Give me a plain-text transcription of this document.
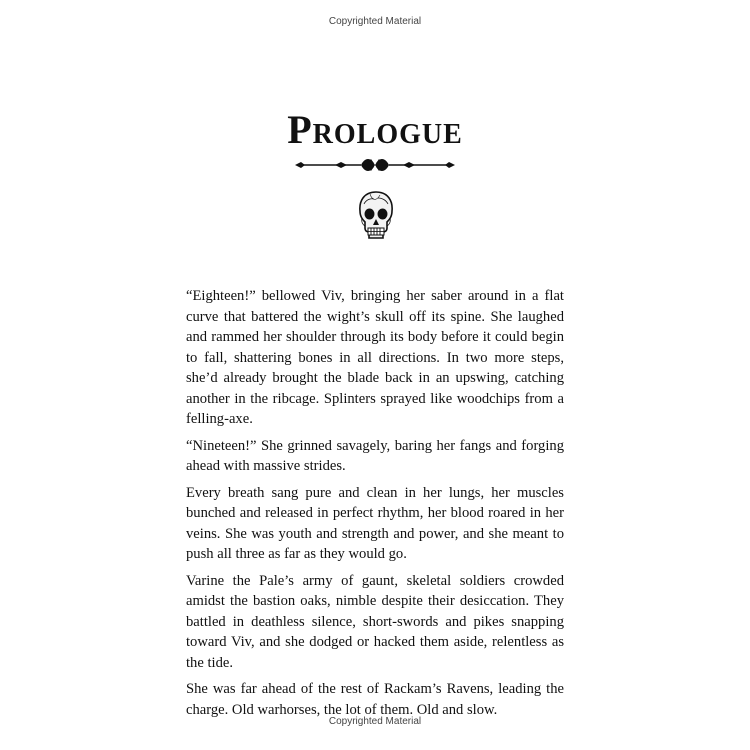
Copyrighted Material
Prologue

“Eighteen!” bellowed Viv, bringing her saber around in a flat curve that battered the wight’s skull off its spine. She laughed and rammed her shoulder through its body before it could begin to fall, shattering bones in all directions. In two more steps, she’d already brought the blade back in an upswing, catching another in the ribcage. Splinters sprayed like woodchips from a felling-axe.

“Nineteen!” She grinned savagely, baring her fangs and forging ahead with massive strides.

Every breath sang pure and clean in her lungs, her muscles bunched and released in perfect rhythm, her blood roared in her veins. She was youth and strength and power, and she meant to push all three as far as they would go.

Varine the Pale’s army of gaunt, skeletal soldiers crowded amidst the bastion oaks, nimble despite their desiccation. They battled in deathless silence, short-swords and pikes snapping toward Viv, and she dodged or hacked them aside, relentless as the tide.

She was far ahead of the rest of Rackam’s Ravens, leading the charge. Old warhorses, the lot of them. Old and slow.

Copyrighted Material
